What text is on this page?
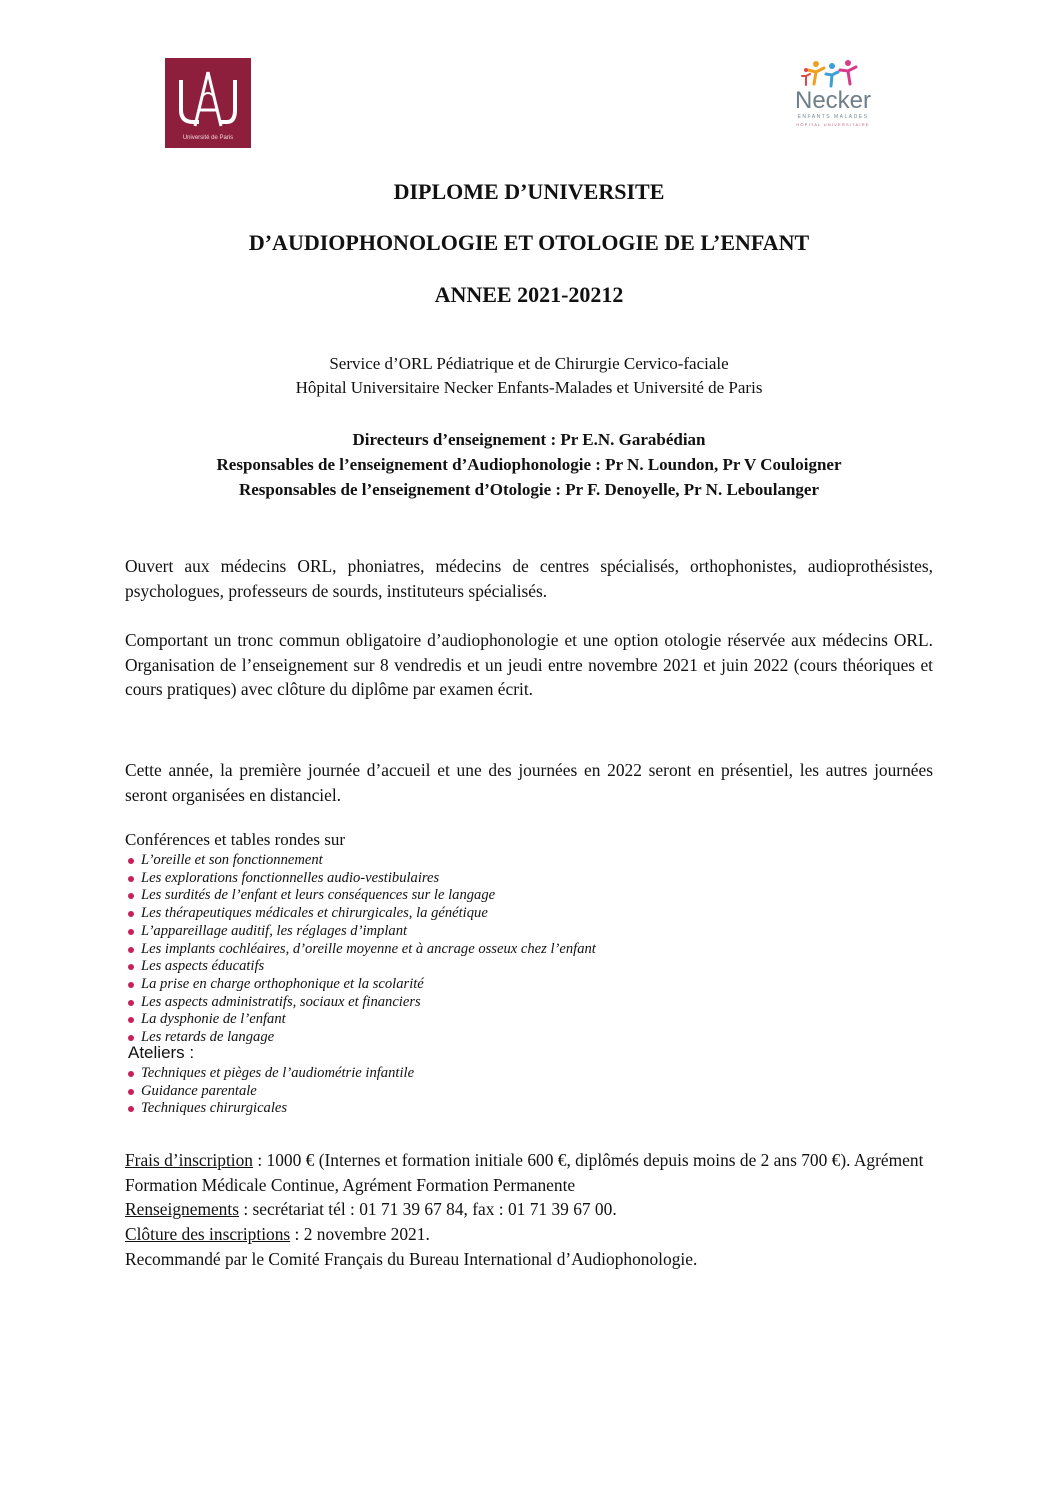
Université de Paris
Necker
ENFANTS MALADES
HÔPITAL UNIVERSITAIRE
DIPLOME D’UNIVERSITE
D’AUDIOPHONOLOGIE ET OTOLOGIE DE L’ENFANT
ANNEE 2021-20212
Service d’ORL Pédiatrique et de Chirurgie Cervico-faciale
Hôpital Universitaire Necker Enfants-Malades et Université de Paris
Directeurs d’enseignement : Pr E.N. Garabédian
Responsables de l’enseignement d’Audiophonologie : Pr N. Loundon, Pr V Couloigner
Responsables de l’enseignement d’Otologie : Pr F. Denoyelle, Pr N. Leboulanger

Ouvert aux médecins ORL, phoniatres, médecins de centres spécialisés, orthophonistes, audioprothésistes, psychologues, professeurs de sourds, instituteurs spécialisés.

Comportant un tronc commun obligatoire d’audiophonologie et une option otologie réservée aux médecins ORL. Organisation de l’enseignement sur 8 vendredis et un jeudi entre novembre 2021 et juin 2022 (cours théoriques et cours pratiques) avec clôture du diplôme par examen écrit.

Cette année, la première journée d’accueil et une des journées en 2022 seront en présentiel, les autres journées seront organisées en distanciel.

Conférences et tables rondes sur
L’oreille et son fonctionnement
Les explorations fonctionnelles audio-vestibulaires
Les surdités de l’enfant et leurs conséquences sur le langage
Les thérapeutiques médicales et chirurgicales, la génétique
L’appareillage auditif, les réglages d’implant
Les implants cochléaires, d’oreille moyenne et à ancrage osseux chez l’enfant
Les aspects éducatifs
La prise en charge orthophonique et la scolarité
Les aspects administratifs, sociaux et financiers
La dysphonie de l’enfant
Les retards de langage
Ateliers :
Techniques et pièges de l’audiométrie infantile
Guidance parentale
Techniques chirurgicales

Frais d’inscription : 1000 € (Internes et formation initiale 600 €, diplômés depuis moins de 2 ans 700 €). Agrément Formation Médicale Continue, Agrément Formation Permanente

Renseignements : secrétariat tél : 01 71 39 67 84, fax : 01 71 39 67 00.

Clôture des inscriptions : 2 novembre 2021.

Recommandé par le Comité Français du Bureau International d’Audiophonologie.
